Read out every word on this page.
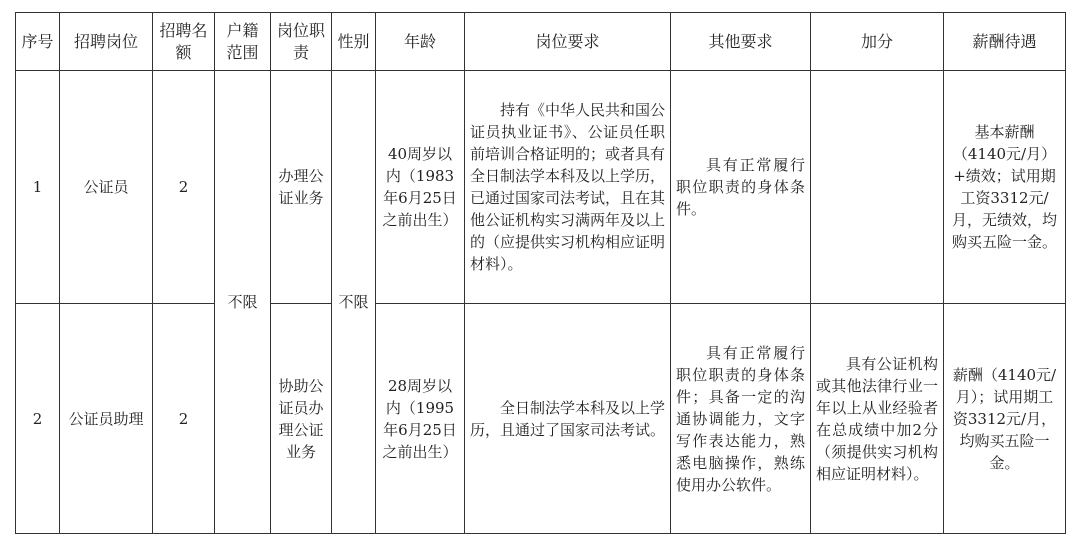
序号	招聘岗位	招聘名额	户籍范围	岗位职责	性别	年龄	岗位要求	其他要求	加分	薪酬待遇
1	公证员	2	不限	办理公证业务	不限	40周岁以内（1983年6月25日之前出生）	持有《中华人民共和国公证员执业证书》、公证员任职前培训合格证明的；或者具有全日制法学本科及以上学历，已通过国家司法考试，且在其他公证机构实习满两年及以上的（应提供实习机构相应证明材料）。	具有正常履行职位职责的身体条件。		基本薪酬（4140元/月）+绩效；试用期工资3312元/月，无绩效，均购买五险一金。
2	公证员助理	2		协助公证员办理公证业务		28周岁以内（1995年6月25日之前出生）	全日制法学本科及以上学历，且通过了国家司法考试。	具有正常履行职位职责的身体条件；具备一定的沟通协调能力，文字写作表达能力，熟悉电脑操作，熟练使用办公软件。	具有公证机构或其他法律行业一年以上从业经验者在总成绩中加2分（须提供实习机构相应证明材料）。	薪酬（4140元/月）；试用期工资3312元/月，均购买五险一金。
